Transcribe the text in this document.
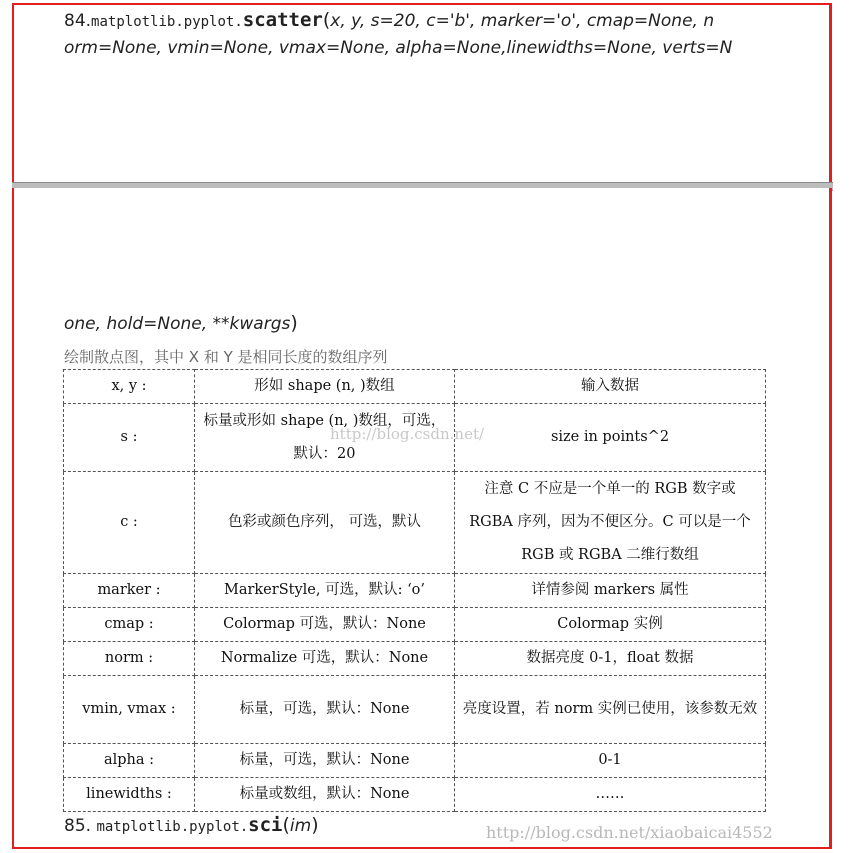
84.matplotlib.pyplot.scatter(x, y, s=20, c='b', marker='o', cmap=None, n
orm=None, vmin=None, vmax=None, alpha=None,linewidths=None, verts=N
one, hold=None, **kwargs)
绘制散点图，其中 X 和 Y 是相同长度的数组序列
x, y :	形如 shape (n, )数组	输入数据
s :	标量或形如 shape (n, )数组，可选，默认：20	size in points^2
c :	色彩或颜色序列， 可选，默认	注意 C 不应是一个单一的 RGB 数字或 RGBA 序列，因为不便区分。C 可以是一个 RGB 或 RGBA 二维行数组
marker :	MarkerStyle, 可选，默认: ‘o’	详情参阅 markers 属性
cmap :	Colormap 可选，默认：None	Colormap 实例
norm :	Normalize 可选，默认：None	数据亮度 0-1，float 数据
vmin, vmax :	标量，可选，默认：None	亮度设置，若 norm 实例已使用，该参数无效
alpha :	标量，可选，默认：None	0-1
linewidths :	标量或数组，默认：None	……
http://blog.csdn.net/
85. matplotlib.pyplot.sci(im)	http://blog.csdn.net/xiaobaicai4552
